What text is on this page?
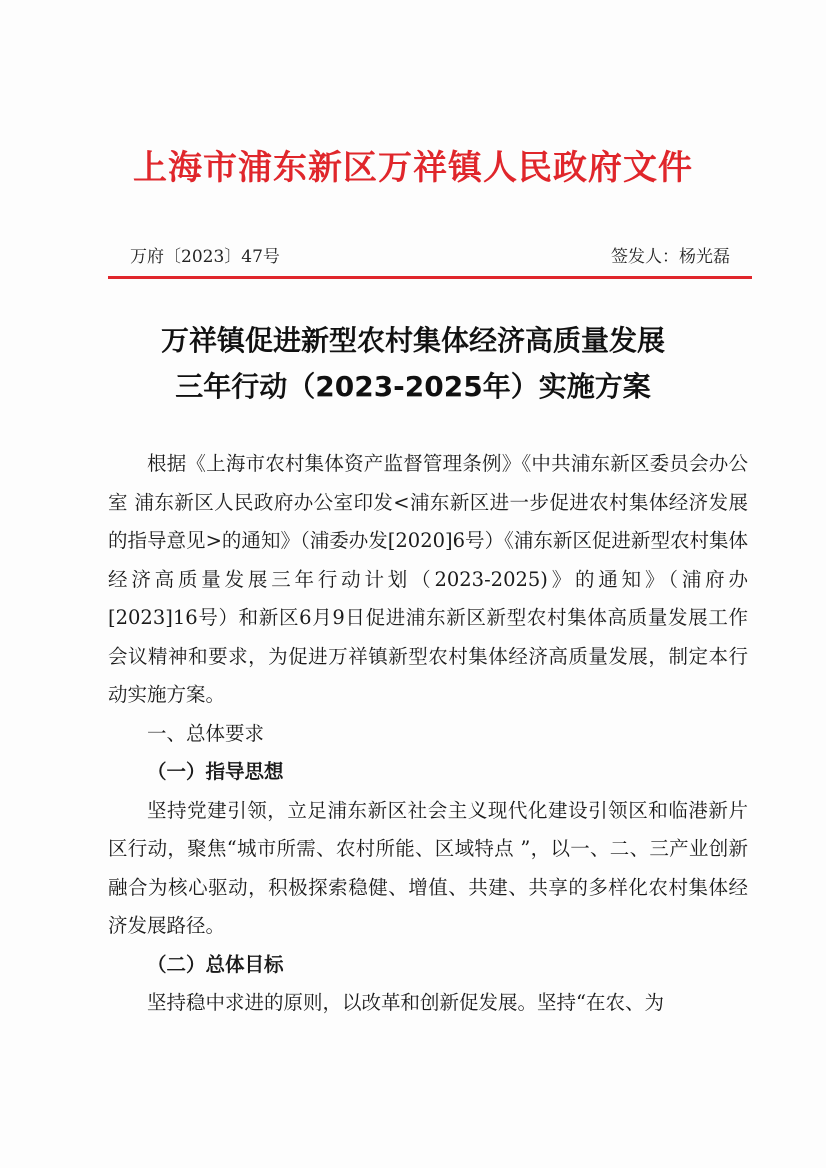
上海市浦东新区万祥镇人民政府文件
万府〔2023〕47号	签发人：杨光磊
万祥镇促进新型农村集体经济高质量发展
三年行动（2023-2025年）实施方案

根据《上海市农村集体资产监督管理条例》《中共浦东新区委员会办公室 浦东新区人民政府办公室印发<浦东新区进一步促进农村集体经济发展的指导意见>的通知》（浦委办发[2020]6号）《浦东新区促进新型农村集体经济高质量发展三年行动计划（2023-2025)》的通知》（浦府办[2023]16号）和新区6月9日促进浦东新区新型农村集体高质量发展工作会议精神和要求，为促进万祥镇新型农村集体经济高质量发展，制定本行动实施方案。

一、总体要求

（一）指导思想

坚持党建引领，立足浦东新区社会主义现代化建设引领区和临港新片区行动，聚焦“城市所需、农村所能、区域特点 ”，以一、二、三产业创新融合为核心驱动，积极探索稳健、增值、共建、共享的多样化农村集体经济发展路径。

（二）总体目标

坚持稳中求进的原则，以改革和创新促发展。坚持“在农、为
